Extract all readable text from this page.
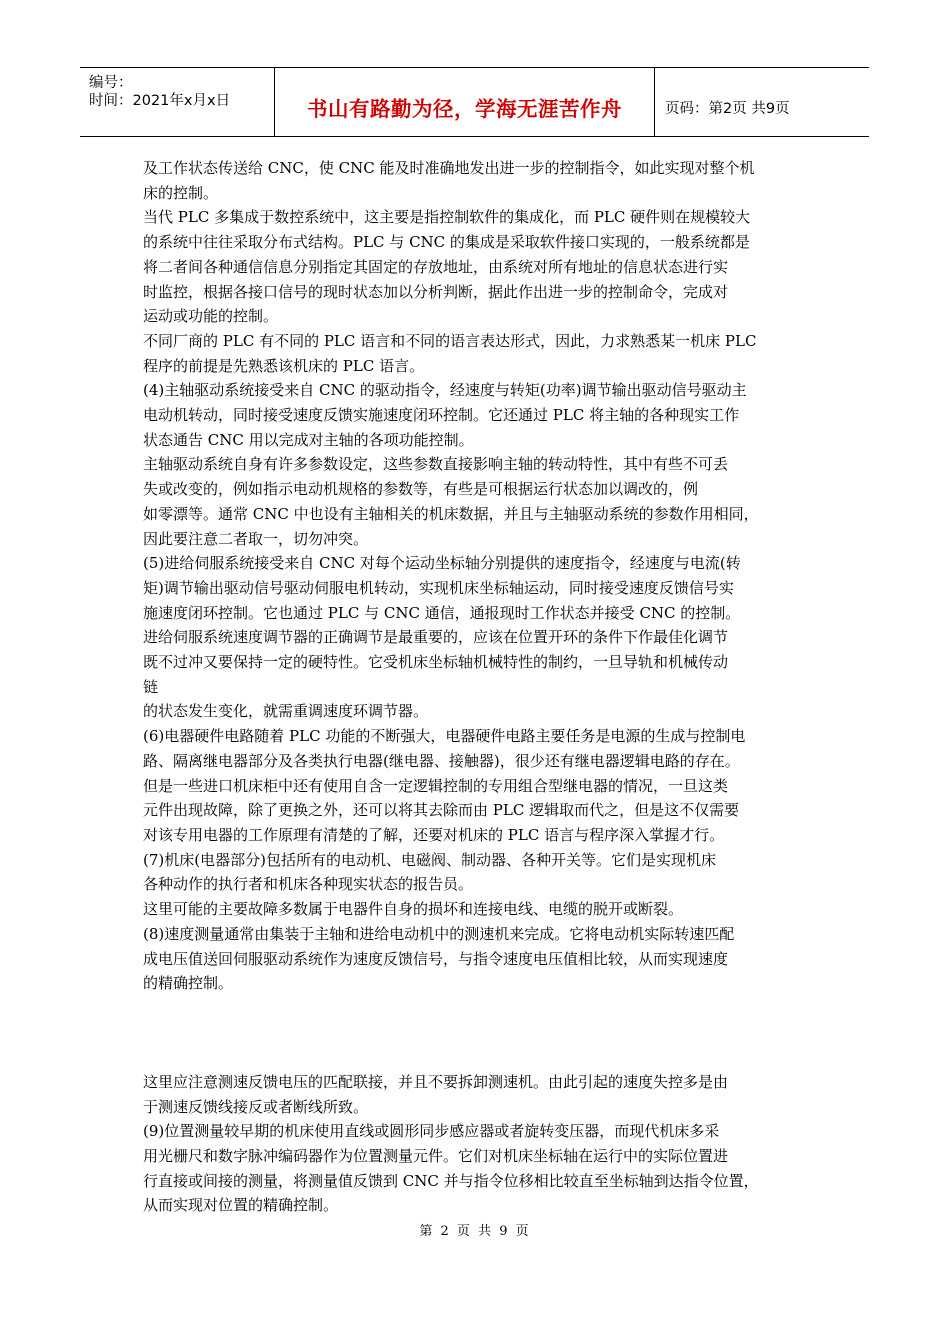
编号：
时间：2021年x月x日	书山有路勤为径，学海无涯苦作舟	页码：第2页 共9页

及工作状态传送给 CNC，使 CNC 能及时准确地发出进一步的控制指令，如此实现对整个机

床的控制。

当代 PLC 多集成于数控系统中，这主要是指控制软件的集成化，而 PLC 硬件则在规模较大

的系统中往往采取分布式结构。PLC 与 CNC 的集成是采取软件接口实现的，一般系统都是

将二者间各种通信信息分别指定其固定的存放地址，由系统对所有地址的信息状态进行实

时监控，根据各接口信号的现时状态加以分析判断，据此作出进一步的控制命令，完成对

运动或功能的控制。

不同厂商的 PLC 有不同的 PLC 语言和不同的语言表达形式，因此，力求熟悉某一机床 PLC

程序的前提是先熟悉该机床的 PLC 语言。

(4)主轴驱动系统接受来自 CNC 的驱动指令，经速度与转矩(功率)调节输出驱动信号驱动主

电动机转动，同时接受速度反馈实施速度闭环控制。它还通过 PLC 将主轴的各种现实工作

状态通告 CNC 用以完成对主轴的各项功能控制。

主轴驱动系统自身有许多参数设定，这些参数直接影响主轴的转动特性，其中有些不可丢

失或改变的，例如指示电动机规格的参数等，有些是可根据运行状态加以调改的，例

如零漂等。通常 CNC 中也设有主轴相关的机床数据，并且与主轴驱动系统的参数作用相同，

因此要注意二者取一，切勿冲突。

(5)进给伺服系统接受来自 CNC 对每个运动坐标轴分别提供的速度指令，经速度与电流(转

矩)调节输出驱动信号驱动伺服电机转动，实现机床坐标轴运动，同时接受速度反馈信号实

施速度闭环控制。它也通过 PLC 与 CNC 通信，通报现时工作状态并接受 CNC 的控制。

进给伺服系统速度调节器的正确调节是最重要的，应该在位置开环的条件下作最佳化调节

既不过冲又要保持一定的硬特性。它受机床坐标轴机械特性的制约，一旦导轨和机械传动

链

的状态发生变化，就需重调速度环调节器。

(6)电器硬件电路随着 PLC 功能的不断强大，电器硬件电路主要任务是电源的生成与控制电

路、隔离继电器部分及各类执行电器(继电器、接触器)，很少还有继电器逻辑电路的存在。

但是一些进口机床柜中还有使用自含一定逻辑控制的专用组合型继电器的情况，一旦这类

元件出现故障，除了更换之外，还可以将其去除而由 PLC 逻辑取而代之，但是这不仅需要

对该专用电器的工作原理有清楚的了解，还要对机床的 PLC 语言与程序深入掌握才行。

(7)机床(电器部分)包括所有的电动机、电磁阀、制动器、各种开关等。它们是实现机床

各种动作的执行者和机床各种现实状态的报告员。

这里可能的主要故障多数属于电器件自身的损坏和连接电线、电缆的脱开或断裂。

(8)速度测量通常由集装于主轴和进给电动机中的测速机来完成。它将电动机实际转速匹配

成电压值送回伺服驱动系统作为速度反馈信号，与指令速度电压值相比较，从而实现速度

的精确控制。

这里应注意测速反馈电压的匹配联接，并且不要拆卸测速机。由此引起的速度失控多是由

于测速反馈线接反或者断线所致。

(9)位置测量较早期的机床使用直线或圆形同步感应器或者旋转变压器，而现代机床多采

用光栅尺和数字脉冲编码器作为位置测量元件。它们对机床坐标轴在运行中的实际位置进

行直接或间接的测量，将测量值反馈到 CNC 并与指令位移相比较直至坐标轴到达指令位置，

从而实现对位置的精确控制。

第 2 页 共 9 页
